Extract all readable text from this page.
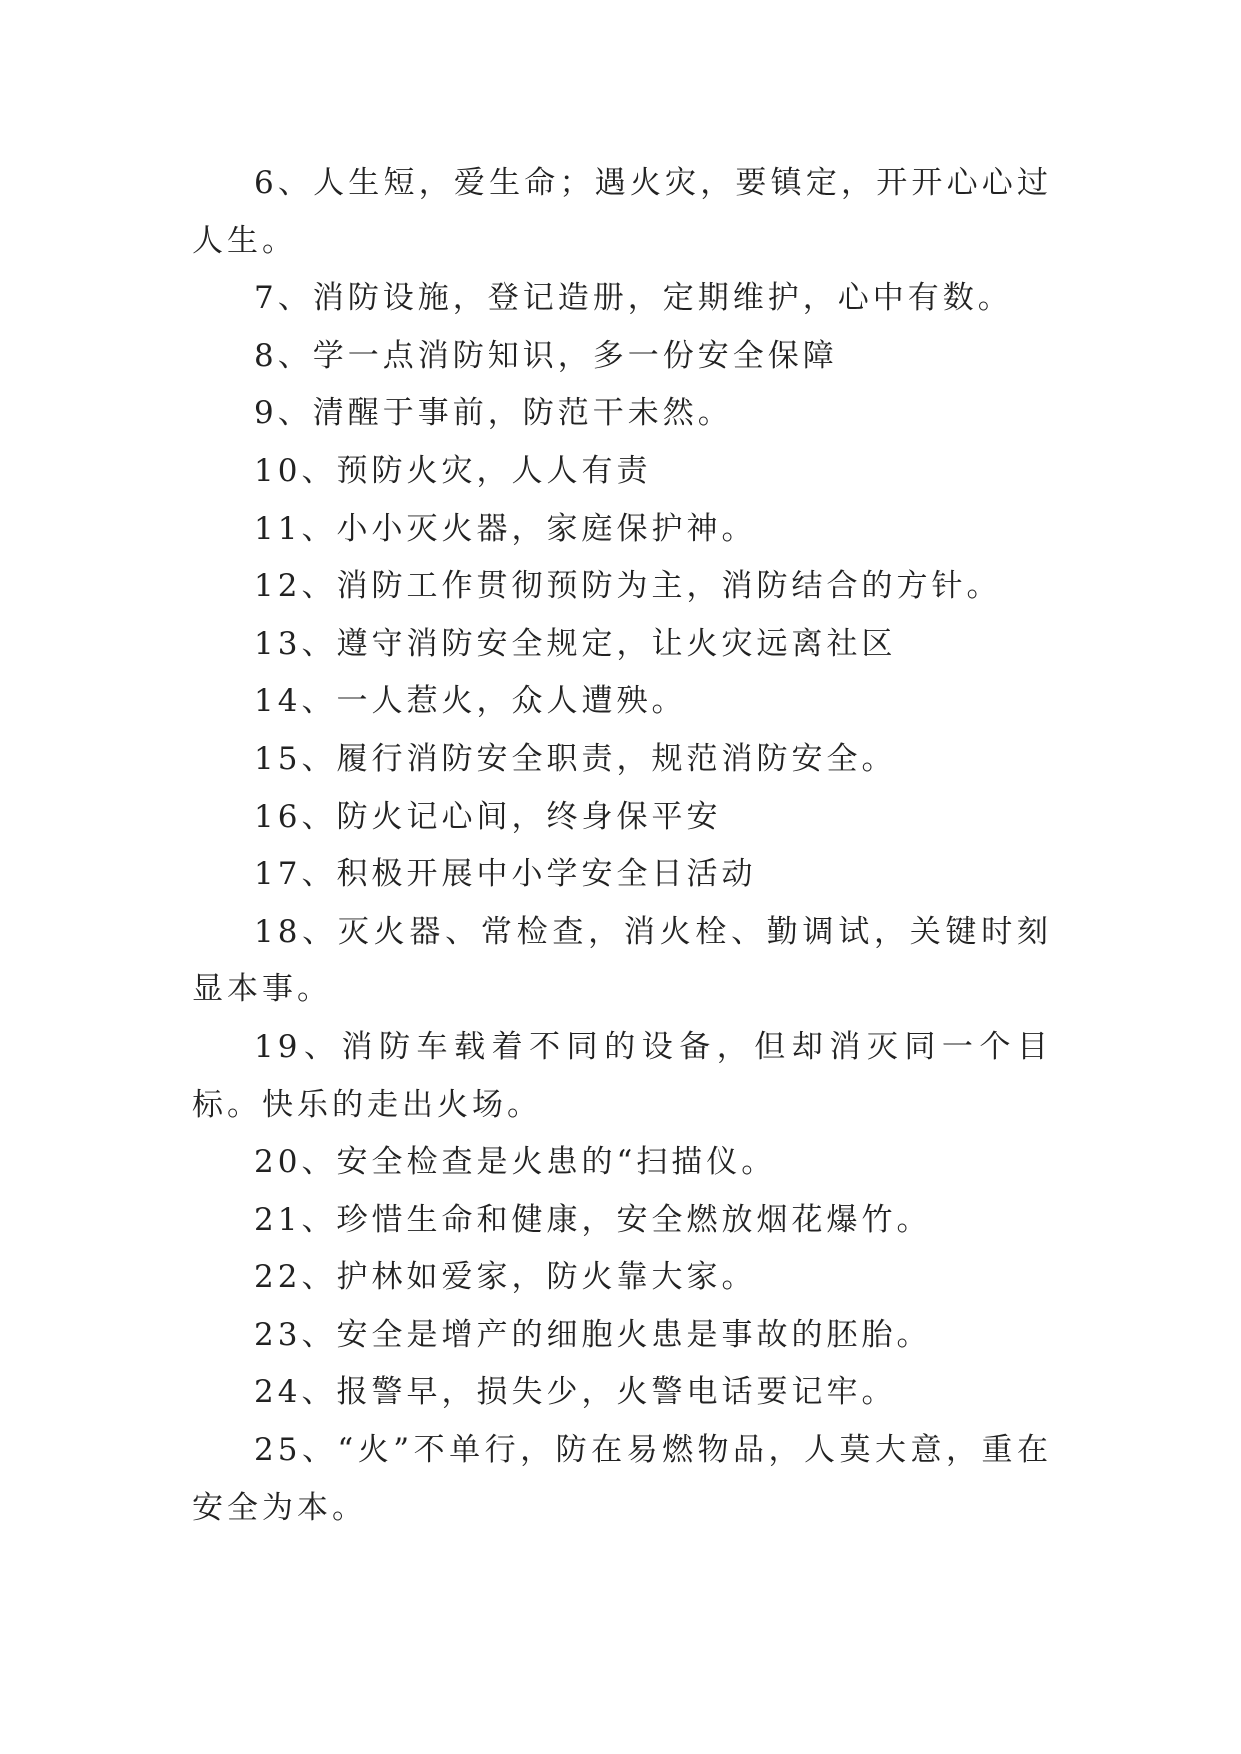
6、人生短，爱生命；遇火灾，要镇定，开开心心过人生。

7、消防设施，登记造册，定期维护，心中有数。

8、学一点消防知识，多一份安全保障

9、清醒于事前，防范干未然。

10、预防火灾，人人有责

11、小小灭火器，家庭保护神。

12、消防工作贯彻预防为主，消防结合的方针。

13、遵守消防安全规定，让火灾远离社区

14、一人惹火，众人遭殃。

15、履行消防安全职责，规范消防安全。

16、防火记心间，终身保平安

17、积极开展中小学安全日活动

18、灭火器、常检查，消火栓、勤调试，关键时刻显本事。

19、消防车载着不同的设备，但却消灭同一个目标。快乐的走出火场。

20、安全检查是火患的“扫描仪。

21、珍惜生命和健康，安全燃放烟花爆竹。

22、护林如爱家，防火靠大家。

23、安全是增产的细胞火患是事故的胚胎。

24、报警早，损失少，火警电话要记牢。

25、“火”不单行，防在易燃物品，人莫大意，重在安全为本。
